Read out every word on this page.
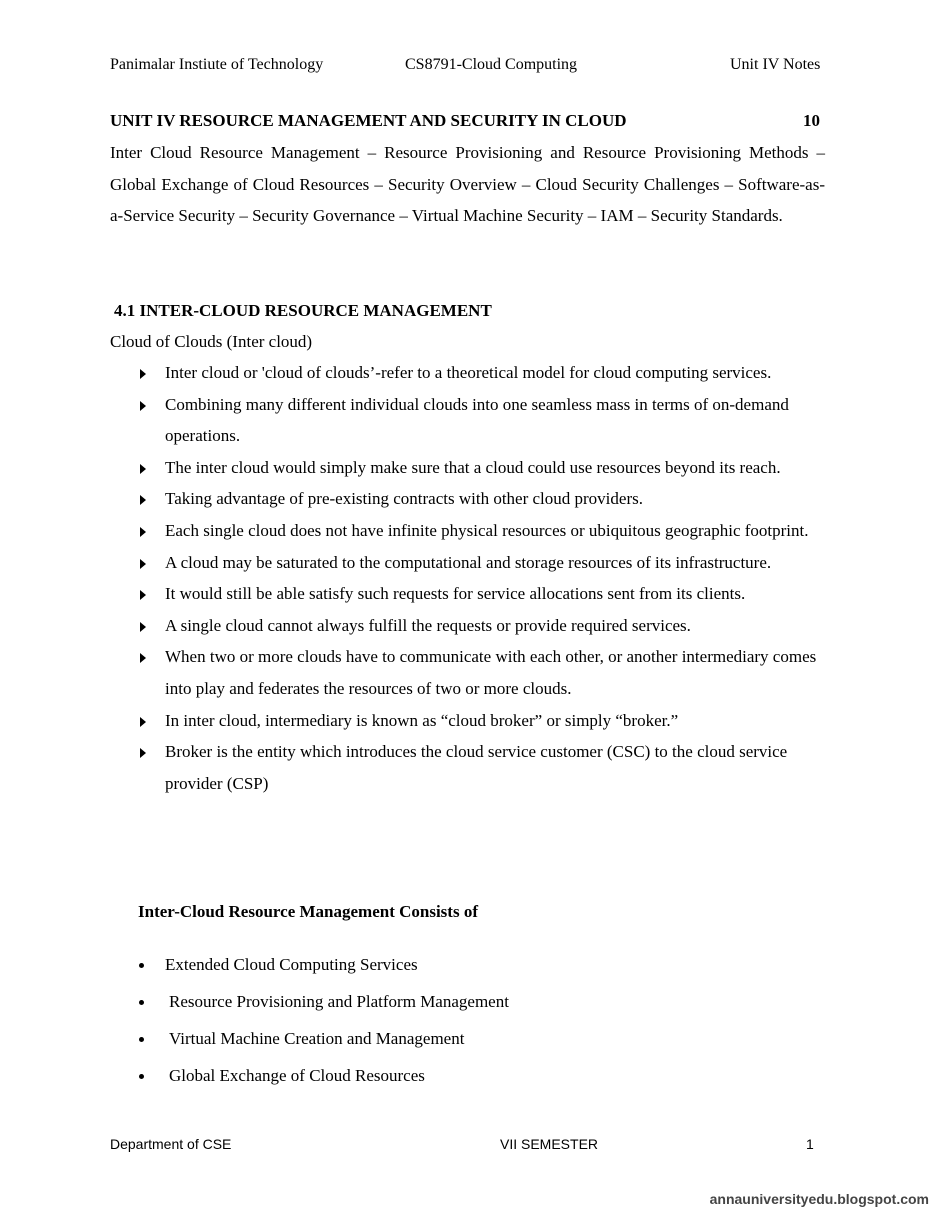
Panimalar Instiute of Technology	CS8791-Cloud Computing	Unit IV Notes
UNIT IV RESOURCE MANAGEMENT AND SECURITY IN CLOUD	10
Inter Cloud Resource Management – Resource Provisioning and Resource Provisioning Methods – Global Exchange of Cloud Resources – Security Overview – Cloud Security Challenges – Software-as-a-Service Security – Security Governance – Virtual Machine Security – IAM – Security Standards.
4.1 INTER-CLOUD RESOURCE MANAGEMENT
Cloud of Clouds (Inter cloud)
Inter cloud or 'cloud of clouds’-refer to a theoretical model for cloud computing services.
Combining many different individual clouds into one seamless mass in terms of on-demand operations.
The inter cloud would simply make sure that a cloud could use resources beyond its reach.
Taking advantage of pre-existing contracts with other cloud providers.
Each single cloud does not have infinite physical resources or ubiquitous geographic footprint.
A cloud may be saturated to the computational and storage resources of its infrastructure.
It would still be able satisfy such requests for service allocations sent from its clients.
A single cloud cannot always fulfill the requests or provide required services.
When two or more clouds have to communicate with each other, or another intermediary comes into play and federates the resources of two or more clouds.
In inter cloud, intermediary is known as “cloud broker” or simply “broker.”
Broker is the entity which introduces the cloud service customer (CSC) to the cloud service provider (CSP)
Inter-Cloud Resource Management Consists of
Extended Cloud Computing Services
Resource Provisioning and Platform Management
Virtual Machine Creation and Management
Global Exchange of Cloud Resources
Department of CSE	VII SEMESTER	1
annauniversityedu.blogspot.com
